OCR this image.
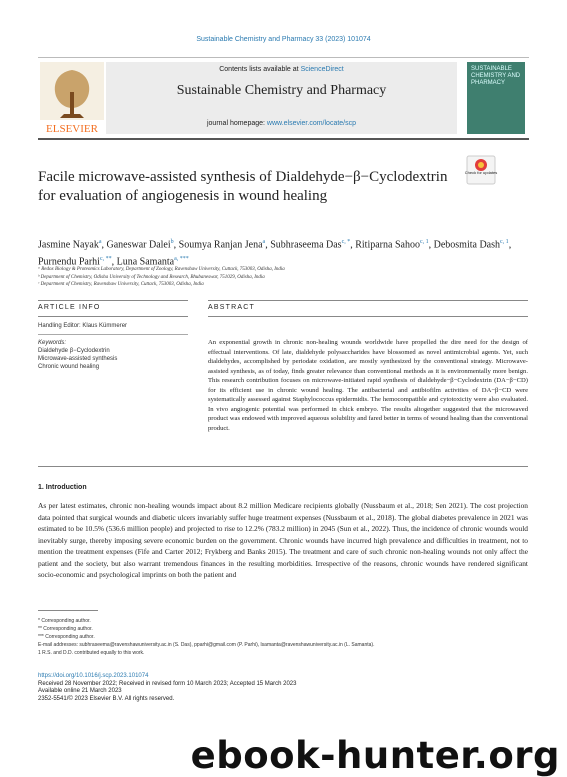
Sustainable Chemistry and Pharmacy 33 (2023) 101074
ELSEVIER
Contents lists available at ScienceDirect
Sustainable Chemistry and Pharmacy
journal homepage: www.elsevier.com/locate/scp
SUSTAINABLE CHEMISTRY AND PHARMACY
Check for updates
Facile microwave-assisted synthesis of Dialdehyde−β−Cyclodextrin for evaluation of angiogenesis in wound healing
Jasmine Nayak$^a$, Ganeswar Dalei$^b$, Soumya Ranjan Jena$^a$, Subhraseema Das$^{c, *}$, Ritiparna Sahoo$^{c, 1}$, Debosmita Dash$^{c, 1}$, Purnendu Parhi$^{c, **}$, Luna Samanta$^{a, ***}$
ᵃ Redox Biology & Proteomics Laboratory, Department of Zoology, Ravenshaw University, Cuttack, 753003, Odisha, India
ᵇ Department of Chemistry, Odisha University of Technology and Research, Bhubaneswar, 751029, Odisha, India
ᶜ Department of Chemistry, Ravenshaw University, Cuttack, 753003, Odisha, India
ARTICLE INFO	ABSTRACT
Handling Editor: Klaus Kümmerer
Keywords:
Dialdehyde β−Cyclodextrin
Microwave-assisted synthesis
Chronic wound healing
An exponential growth in chronic non-healing wounds worldwide have propelled the dire need for the design of effectual interventions. Of late, dialdehyde polysaccharides have blossomed as novel antimicrobial agents. Yet, such dialdehydes, accomplished by periodate oxidation, are mostly synthesized by the conventional strategy. Microwave-assisted synthesis, as of today, finds greater relevance than conventional methods as it is environmentally more benign. This research contribution focuses on microwave-initiated rapid synthesis of dialdehyde−β−Cyclodextrin (DA−β−CD) for its efficient use in chronic wound healing. The antibacterial and antibiofilm activities of DA−β−CD were systematically assessed against Staphylococcus epidermidis. The hemocompatible and cytotoxicity were also evaluated. In vivo angiogenic potential was performed in chick embryo. The results altogether suggested that the microwaved product was endowed with improved aqueous solubility and fared better in terms of wound healing than the conventional product.
1. Introduction
As per latest estimates, chronic non-healing wounds impact about 8.2 million Medicare recipients globally (Nussbaum et al., 2018; Sen 2021). The cost projection data pointed that surgical wounds and diabetic ulcers invariably suffer huge treatment expenses (Nussbaum et al., 2018). The global diabetes prevalence in 2021 was estimated to be 10.5% (536.6 million people) and projected to rise to 12.2% (783.2 million) in 2045 (Sun et al., 2022). Thus, the incidence of chronic wounds would inevitably surge, thereby imposing severe economic burden on the government. Chronic wounds have incurred high prevalence and difficulties in treatment, not to mention the treatment expenses (Fife and Carter 2012; Frykberg and Banks 2015). The treatment and care of such chronic non-healing wounds not only affect the patient and the society, but also warrant tremendous finances in the resulting morbidities. Irrespective of the reasons, chronic wounds have rendered significant socio-economic and psychological imprints on both the patient and
* Corresponding author.
** Corresponding author.
*** Corresponding author.
E-mail addresses: subhraseema@ravenshawuniversity.ac.in (S. Das), pparhi@gmail.com (P. Parhi), lsamanta@ravenshawuniversity.ac.in (L. Samanta).
1 R.S. and D.D. contributed equally to this work.
https://doi.org/10.1016/j.scp.2023.101074
Received 28 November 2022; Received in revised form 10 March 2023; Accepted 15 March 2023
Available online 21 March 2023
2352-5541/© 2023 Elsevier B.V. All rights reserved.
ebook-hunter.org
